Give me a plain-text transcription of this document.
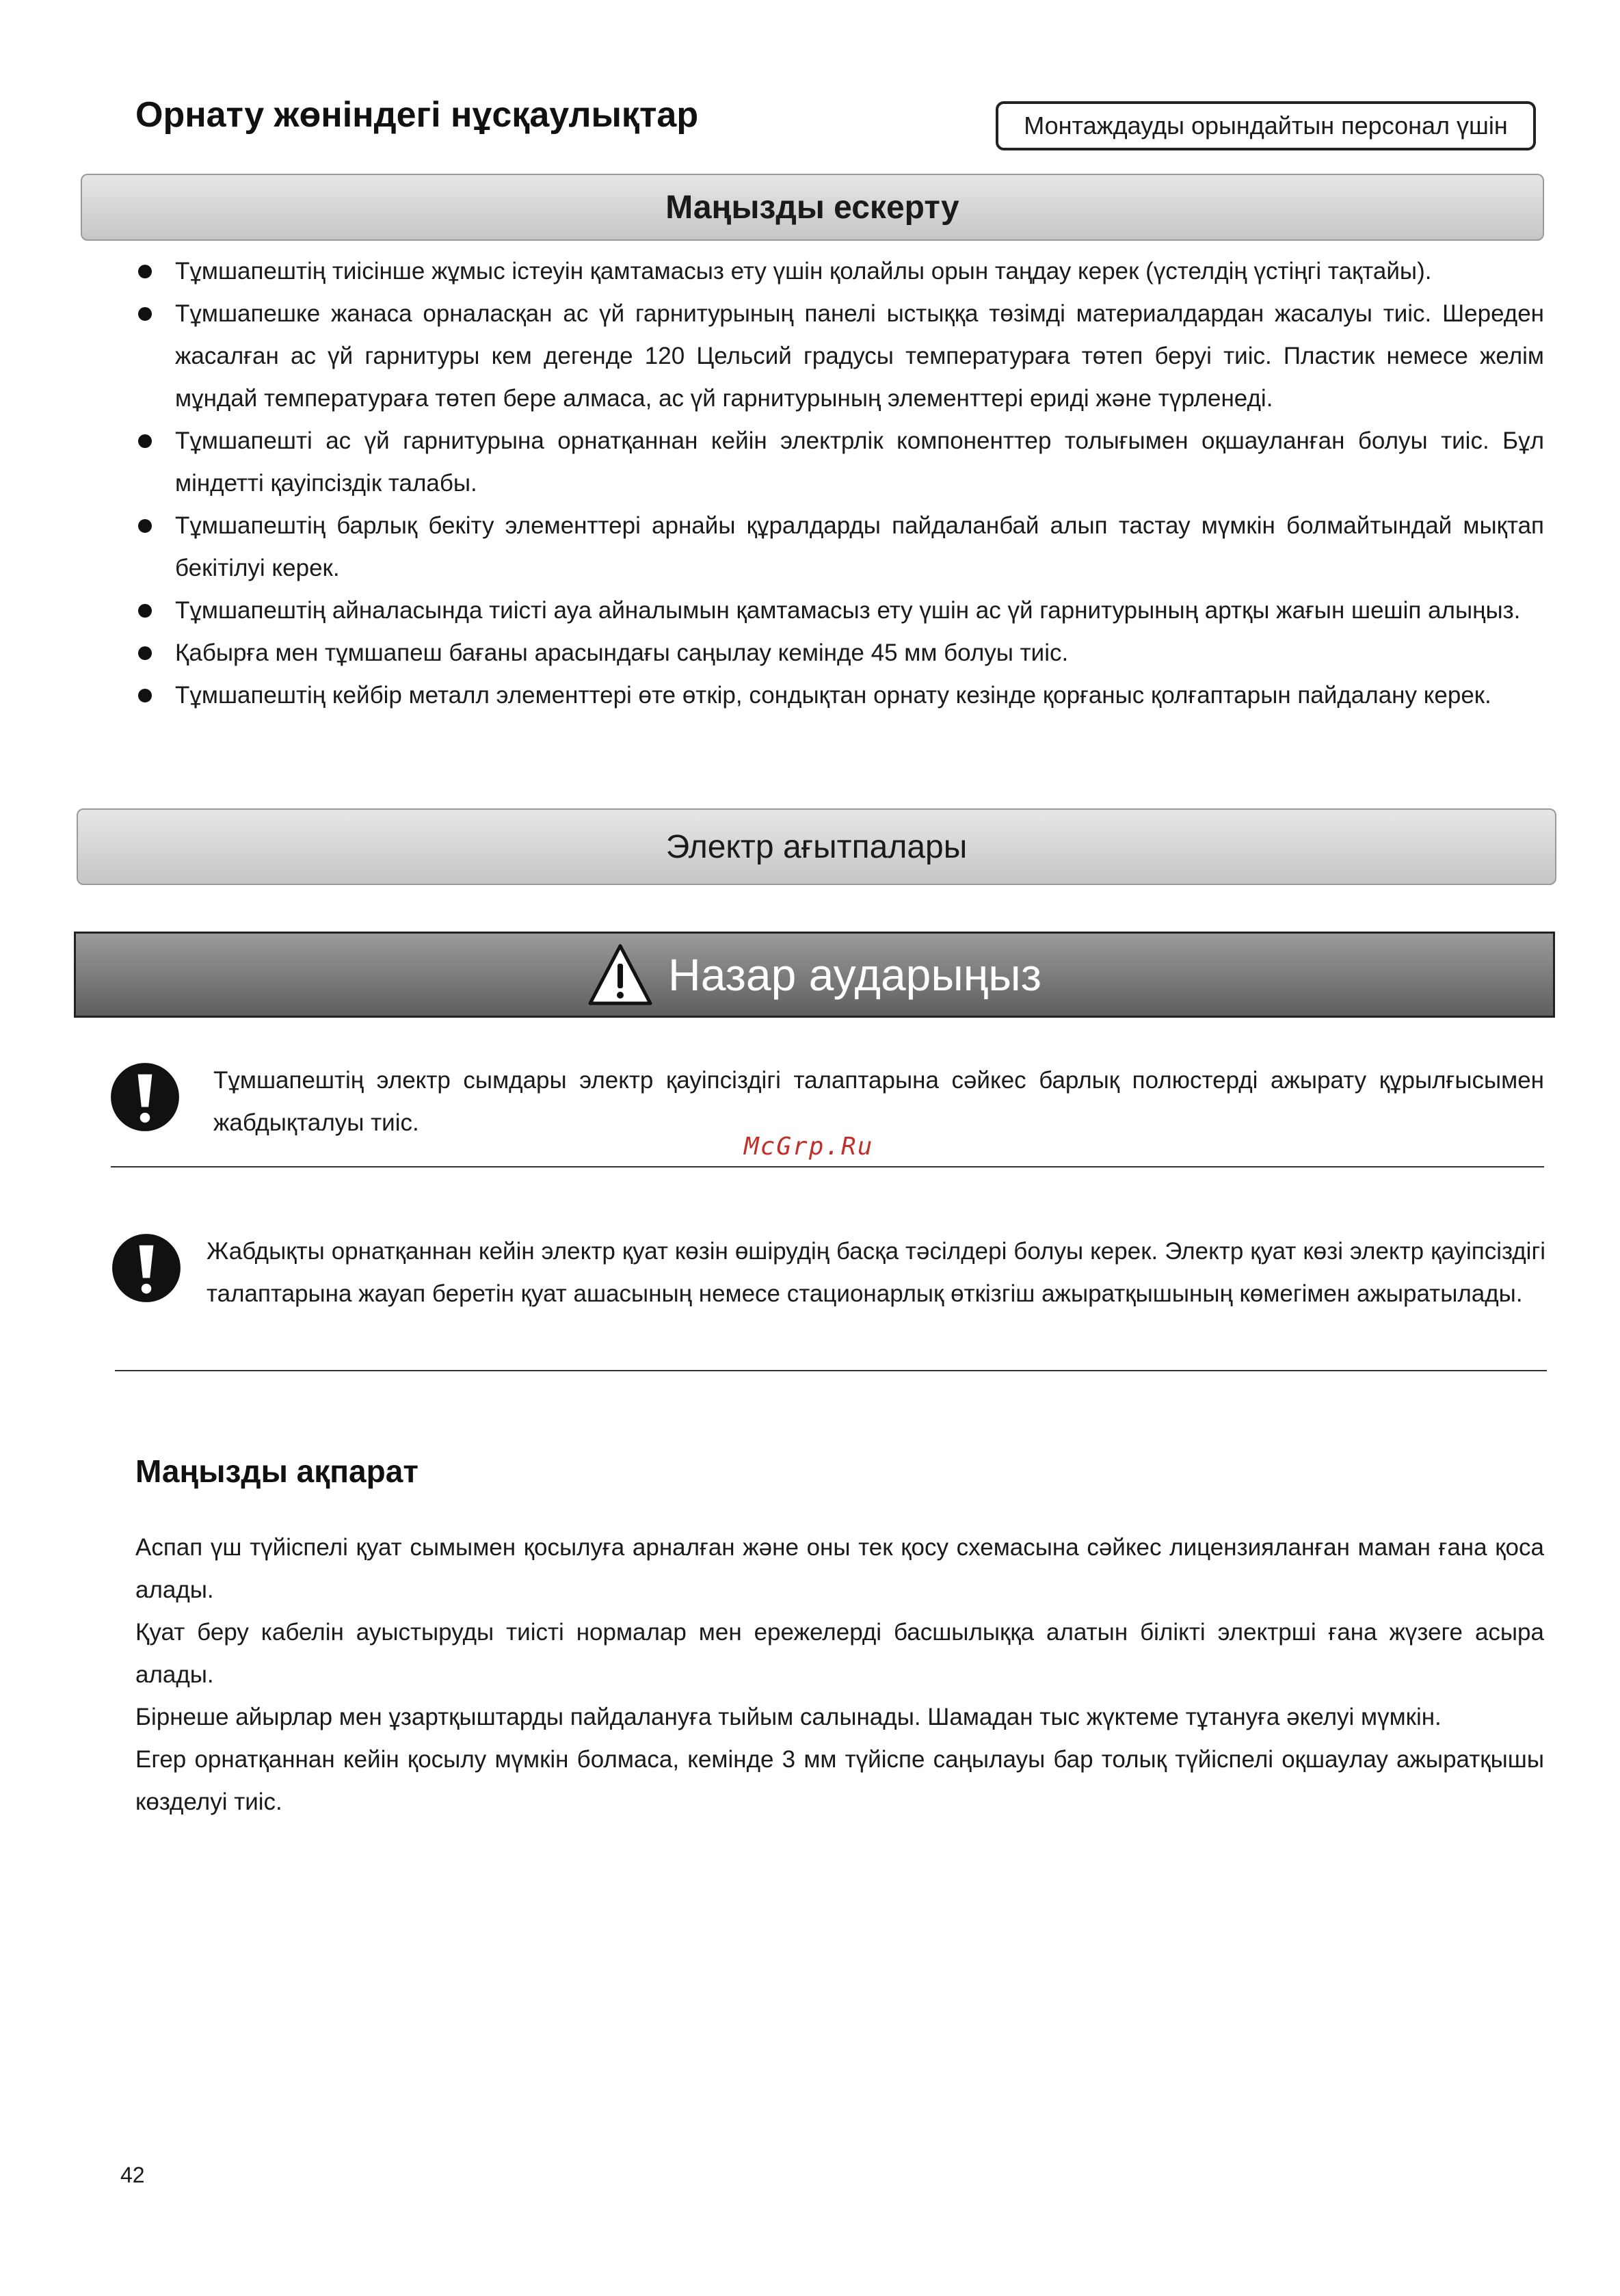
Орнату жөніндегі нұсқаулықтар	Монтаждауды орындайтын персонал үшін
Маңызды ескерту
Тұмшапештің тиісінше жұмыс істеуін қамтамасыз ету үшін қолайлы орын таңдау керек (үстелдің үстіңгі тақтайы).
Тұмшапешке жанаса орналасқан ас үй гарнитурының панелі ыстыққа төзімді материалдардан жасалуы тиіс. Шереден жасалған ас үй гарнитуры кем дегенде 120 Цельсий градусы температураға төтеп беруі тиіс. Пластик немесе желім мұндай температураға төтеп бере алмаса, ас үй гарнитурының элементтері ериді және түрленеді.
Тұмшапешті ас үй гарнитурына орнатқаннан кейін электрлік компоненттер толығымен оқшауланған болуы тиіс. Бұл міндетті қауіпсіздік талабы.
Тұмшапештің барлық бекіту элементтері арнайы құралдарды пайдаланбай алып тастау мүмкін болмайтындай мықтап бекітілуі керек.
Тұмшапештің айналасында тиісті ауа айналымын қамтамасыз ету үшін ас үй гарнитурының артқы жағын шешіп алыңыз.
Қабырға мен тұмшапеш бағаны арасындағы саңылау кемінде 45 мм болуы тиіс.
Тұмшапештің кейбір металл элементтері өте өткір, сондықтан орнату кезінде қорғаныс қолғаптарын пайдалану керек.
Электр ағытпалары
Назар аударыңыз
Тұмшапештің электр сымдары электр қауіпсіздігі талаптарына сәйкес барлық полюстерді ажырату құрылғысымен жабдықталуы тиіс.
McGrp.Ru
Жабдықты орнатқаннан кейін электр қуат көзін өшірудің басқа тәсілдері болуы керек. Электр қуат көзі электр қауіпсіздігі талаптарына жауап беретін қуат ашасының немесе стационарлық өткізгіш ажыратқышының көмегімен ажыратылады.
Маңызды ақпарат

Аспап үш түйіспелі қуат сымымен қосылуға арналған және оны тек қосу схемасына сәйкес лицензияланған маман ғана қоса алады.

Қуат беру кабелін ауыстыруды тиісті нормалар мен ережелерді басшылыққа алатын білікті электрші ғана жүзеге асыра алады.

Бірнеше айырлар мен ұзартқыштарды пайдалануға тыйым салынады. Шамадан тыс жүктеме тұтануға әкелуі мүмкін.

Егер орнатқаннан кейін қосылу мүмкін болмаса, кемінде 3 мм түйіспе саңылауы бар толық түйіспелі оқшаулау ажыратқышы көзделуі тиіс.

42
